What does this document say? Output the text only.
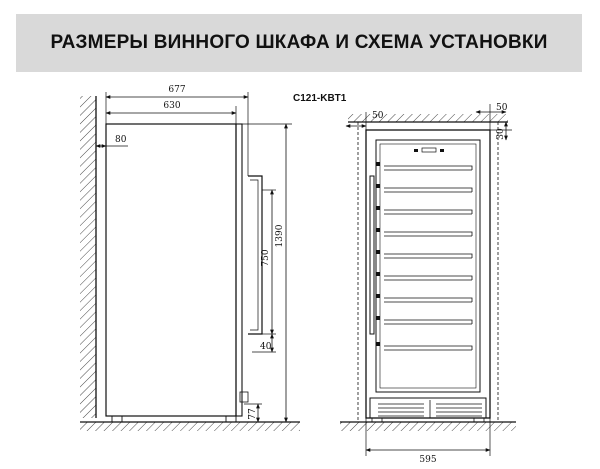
РАЗМЕРЫ ВИННОГО ШКАФА И СХЕМА УСТАНОВКИ
677
630
80
1390
750
40
77
C121-KBT1
50
50
30
595
